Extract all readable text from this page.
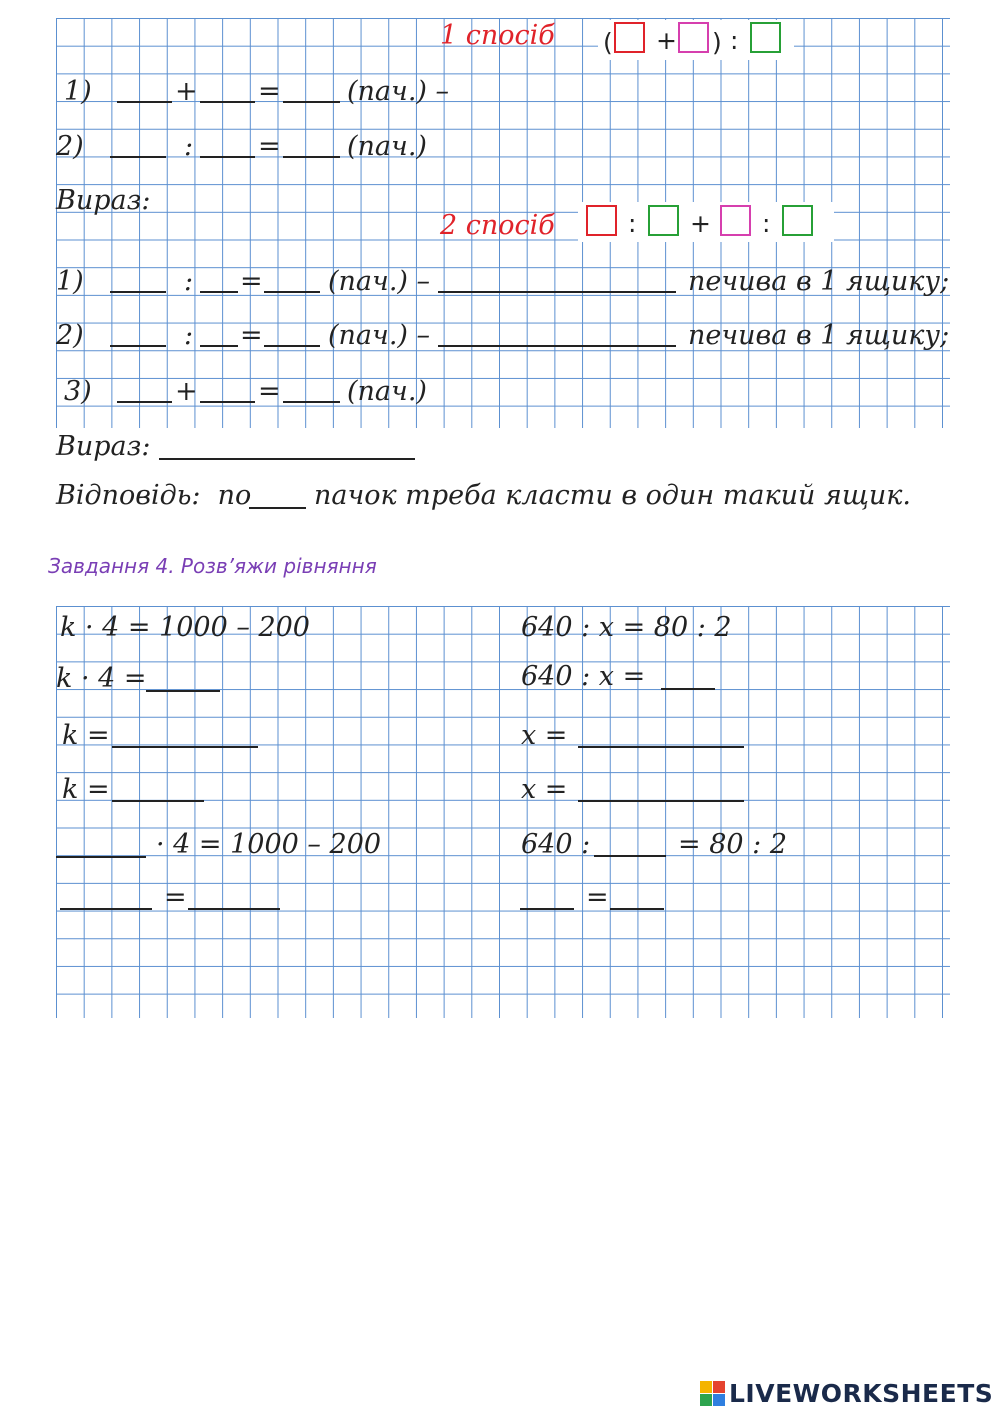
1 спосіб ( + ) :
1)	+ = (пач.) –
2)	: = (пач.)
Вираз:
2 спосіб	: + :
1)	: = (пач.) –	печива в 1 ящику;
2)	: = (пач.) –	печива в 1 ящику;
3)	+ = (пач.)
Вираз:
Відповідь:  по пачок треба класти в один такий ящик.
Завдання 4. Розв’яжи рівняння
k · 4 = 1000 – 200
k · 4 =
k =
k =
· 4 = 1000 – 200
=
640 : x = 80 : 2
640 : x =
x =
x =
640 :	= 80 : 2
=
LIVEWORKSHEETS
